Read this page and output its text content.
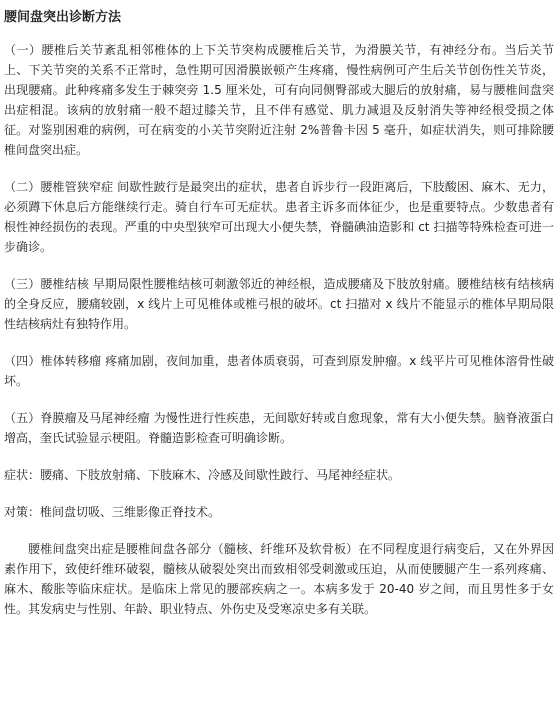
腰间盘突出诊断方法

（一）腰椎后关节紊乱相邻椎体的上下关节突构成腰椎后关节，为滑膜关节，有神经分布。当后关节上、下关节突的关系不正常时，急性期可因滑膜嵌顿产生疼痛，慢性病例可产生后关节创伤性关节炎，出现腰痛。此种疼痛多发生于棘突旁 1.5 厘米处，可有向同侧臀部或大腿后的放射痛，易与腰椎间盘突出症相混。该病的放射痛一般不超过膝关节，且不伴有感觉、肌力减退及反射消失等神经根受损之体征。对鉴别困难的病例，可在病变的小关节突附近注射 2%普鲁卡因 5 毫升，如症状消失，则可排除腰椎间盘突出症。

（二）腰椎管狭窄症 间歇性跛行是最突出的症状，患者自诉步行一段距离后，下肢酸困、麻木、无力，必须蹲下休息后方能继续行走。骑自行车可无症状。患者主诉多而体征少，也是重要特点。少数患者有根性神经损伤的表现。严重的中央型狭窄可出现大小便失禁，脊髓碘油造影和 ct 扫描等特殊检查可进一步确诊。

（三）腰椎结核 早期局限性腰椎结核可刺激邻近的神经根，造成腰痛及下肢放射痛。腰椎结核有结核病的全身反应，腰痛较剧，x 线片上可见椎体或椎弓根的破坏。ct 扫描对 x 线片不能显示的椎体早期局限性结核病灶有独特作用。

（四）椎体转移瘤 疼痛加剧，夜间加重，患者体质衰弱，可查到原发肿瘤。x 线平片可见椎体溶骨性破坏。

（五）脊膜瘤及马尾神经瘤 为慢性进行性疾患，无间歇好转或自愈现象，常有大小便失禁。脑脊液蛋白增高，奎氏试验显示梗阻。脊髓造影检查可明确诊断。

症状：腰痛、下肢放射痛、下肢麻木、冷感及间歇性跛行、马尾神经症状。

对策：椎间盘切吸、三维影像正脊技术。

腰椎间盘突出症是腰椎间盘各部分（髓核、纤维环及软骨板）在不同程度退行病变后，又在外界因素作用下，致使纤维环破裂，髓核从破裂处突出而致相邻受刺激或压迫，从而使腰腿产生一系列疼痛、麻木、酸胀等临床症状。是临床上常见的腰部疾病之一。本病多发于 20-40 岁之间，而且男性多于女性。其发病史与性别、年龄、职业特点、外伤史及受寒凉史多有关联。
